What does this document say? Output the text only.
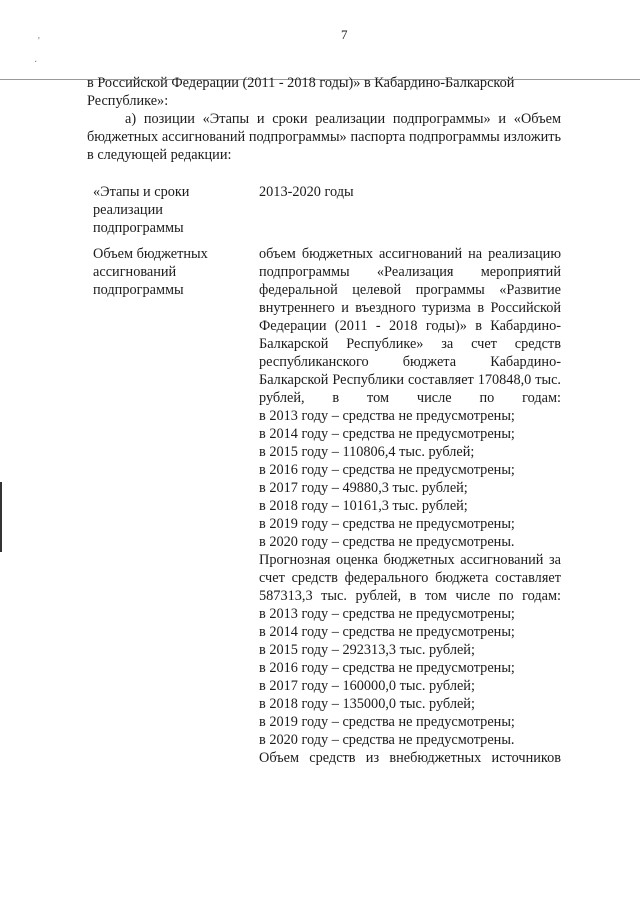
7
'
·

в Российской Федерации (2011 - 2018 годы)» в Кабардино-Балкарской

Республике»:

а) позиции «Этапы и сроки реализации подпрограммы» и «Объем бюджетных ассигнований подпрограммы» паспорта подпрограммы изложить в следующей редакции:

«Этапы и сроки реализации подпрограммы
2013-2020 годы
Объем бюджетных ассигнований подпрограммы
объем бюджетных ассигнований на реализацию подпрограммы «Реализация мероприятий федеральной целевой программы «Развитие внутреннего и въездного туризма в Российской Федерации (2011 - 2018 годы)» в Кабардино-Балкарской Республике» за счет средств республиканского бюджета Кабардино-Балкарской Республики составляет 170848,0 тыс. рублей, в том числе по годам:
в 2013 году – средства не предусмотрены;
в 2014 году – средства не предусмотрены;
в 2015 году – 110806,4 тыс. рублей;
в 2016 году – средства не предусмотрены;
в 2017 году – 49880,3 тыс. рублей;
в 2018 году – 10161,3 тыс. рублей;
в 2019 году – средства не предусмотрены;
в 2020 году – средства не предусмотрены.
Прогнозная оценка бюджетных ассигнований за счет средств федерального бюджета составляет 587313,3 тыс. рублей, в том числе по годам:
в 2013 году – средства не предусмотрены;
в 2014 году – средства не предусмотрены;
в 2015 году – 292313,3 тыс. рублей;
в 2016 году – средства не предусмотрены;
в 2017 году – 160000,0 тыс. рублей;
в 2018 году – 135000,0 тыс. рублей;
в 2019 году – средства не предусмотрены;
в 2020 году – средства не предусмотрены.
Объем средств из внебюджетных источников
